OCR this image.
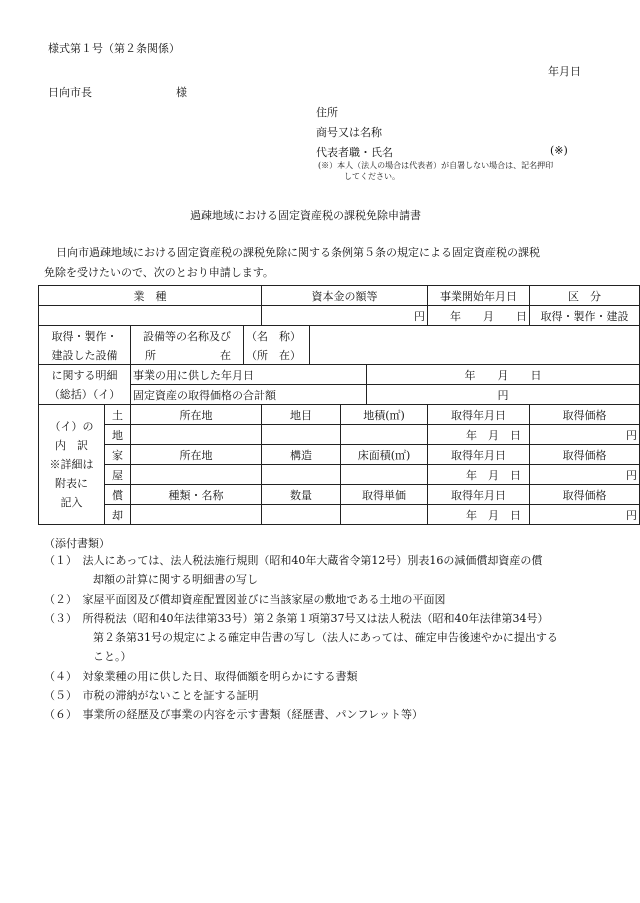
様式第１号（第２条関係）
年月日
日向市長	様
住所
商号又は名称
代表者職・氏名	(※)
(※）本人（法人の場合は代表者）が自署しない場合は、記名押印
してください。
過疎地域における固定資産税の課税免除申請書
日向市過疎地域における固定資産税の課税免除に関する条例第５条の規定による固定資産税の課税
免除を受けたいので、次のとおり申請します。
業　種				資本金の額等				事業開始年月日	区　分
				円				年　　月　　日	取得・製作・建設
取得・製作・		設備等の名称及び	（名　称）						
建設した設備		所 在	（所　在）						
に関する明細		事業の用に供した年月日					年　　月　　日		
（総括）（イ）		固定資産の取得価格の合計額					円		

（イ）の
内　訳
※詳細は
附表に
記入	土	所在地		地目		地積(㎡)		取得年月日	取得価格
	地							年　月　日	円
	家	所在地		構造		床面積(㎡)		取得年月日	取得価格
	屋							年　月　日	円
	償	種類・名称		数量		取得単価		取得年月日	取得価格
	却							年　月　日	円
（添付書類）
（１）　 法人にあっては、法人税法施行規則（昭和40年大蔵省令第12号）別表16の減価償却資産の償
却額の計算に関する明細書の写し
（２）　 家屋平面図及び償却資産配置図並びに当該家屋の敷地である土地の平面図
（３）　 所得税法（昭和40年法律第33号）第２条第１項第37号又は法人税法（昭和40年法律第34号）
第２条第31号の規定による確定申告書の写し（法人にあっては、確定申告後速やかに提出する
こと。）
（４）　 対象業種の用に供した日、取得価額を明らかにする書類
（５）　 市税の滞納がないことを証する証明
（６）　 事業所の経歴及び事業の内容を示す書類（経歴書、パンフレット等）
